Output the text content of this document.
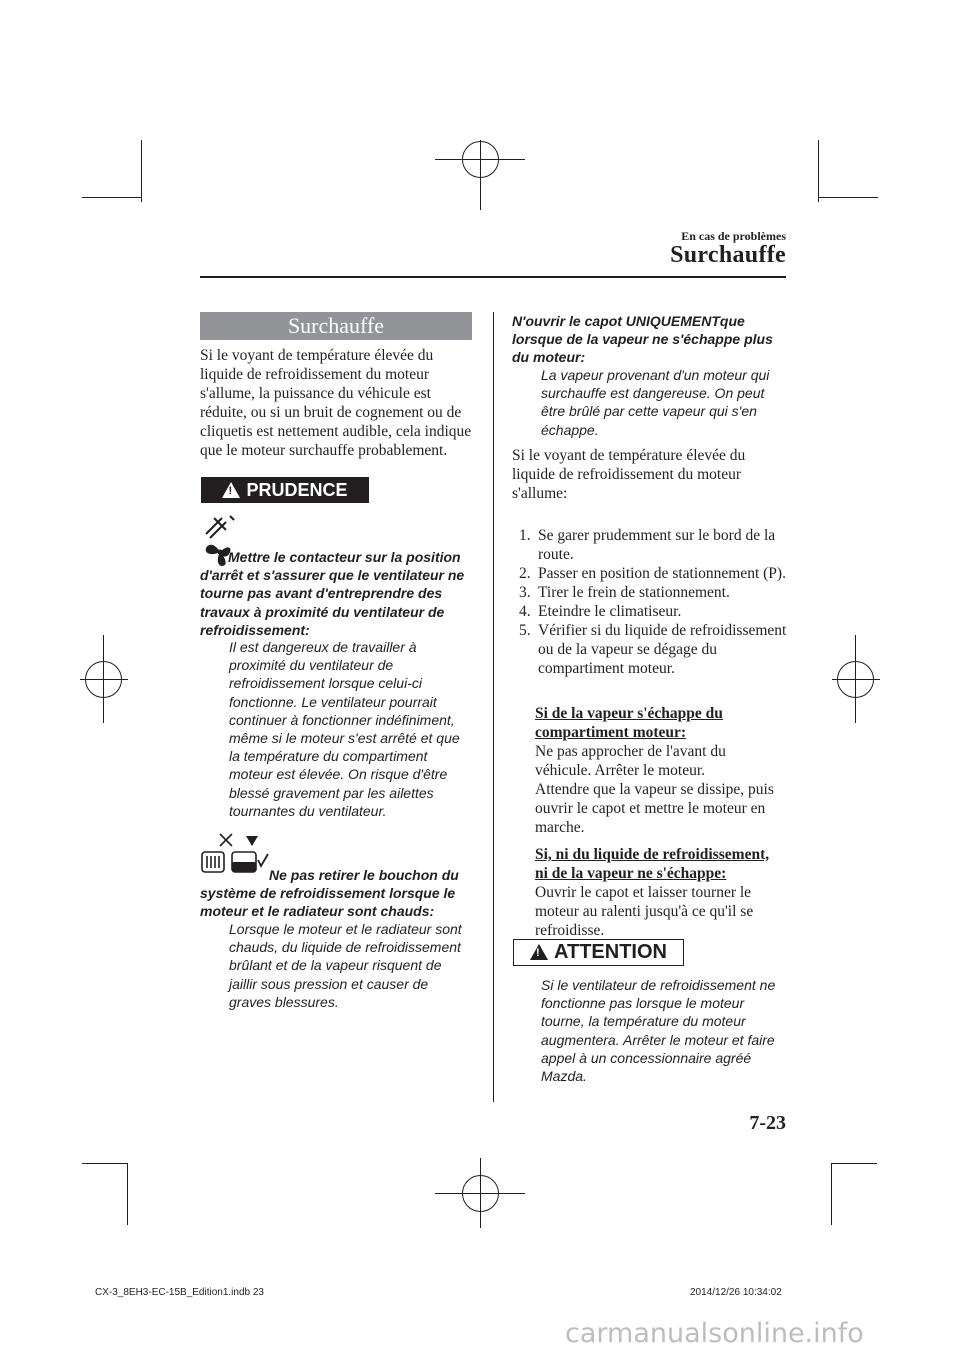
En cas de problèmes
Surchauffe
Surchauffe
Si le voyant de température élevée du liquide de refroidissement du moteur s'allume, la puissance du véhicule est réduite, ou si un bruit de cognement ou de cliquetis est nettement audible, cela indique que le moteur surchauffe probablement.
! PRUDENCE
Mettre le contacteur sur la position d'arrêt et s'assurer que le ventilateur ne tourne pas avant d'entreprendre des travaux à proximité du ventilateur de refroidissement:
Il est dangereux de travailler à proximité du ventilateur de refroidissement lorsque celui-ci fonctionne. Le ventilateur pourrait continuer à fonctionner indéfiniment, même si le moteur s'est arrêté et que la température du compartiment moteur est élevée. On risque d'être blessé gravement par les ailettes tournantes du ventilateur.
Ne pas retirer le bouchon du système de refroidissement lorsque le moteur et le radiateur sont chauds:
Lorsque le moteur et le radiateur sont chauds, du liquide de refroidissement brûlant et de la vapeur risquent de jaillir sous pression et causer de graves blessures.
N'ouvrir le capot UNIQUEMENTque lorsque de la vapeur ne s'échappe plus du moteur:
La vapeur provenant d'un moteur qui surchauffe est dangereuse. On peut être brûlé par cette vapeur qui s'en échappe.
Si le voyant de température élevée du liquide de refroidissement du moteur s'allume:
1. Se garer prudemment sur le bord de la route.
2. Passer en position de stationnement (P).
3. Tirer le frein de stationnement.
4. Eteindre le climatiseur.
5. Vérifier si du liquide de refroidissement ou de la vapeur se dégage du compartiment moteur.
Si de la vapeur s'échappe du compartiment moteur:
Ne pas approcher de l'avant du véhicule. Arrêter le moteur.
Attendre que la vapeur se dissipe, puis ouvrir le capot et mettre le moteur en marche.
Si, ni du liquide de refroidissement, ni de la vapeur ne s'échappe:
Ouvrir le capot et laisser tourner le moteur au ralenti jusqu'à ce qu'il se refroidisse.
! ATTENTION
Si le ventilateur de refroidissement ne fonctionne pas lorsque le moteur tourne, la température du moteur augmentera. Arrêter le moteur et faire appel à un concessionnaire agréé Mazda.
7-23
CX-3_8EH3-EC-15B_Edition1.indb 23	2014/12/26 10:34:02
carmanualsonline.info
